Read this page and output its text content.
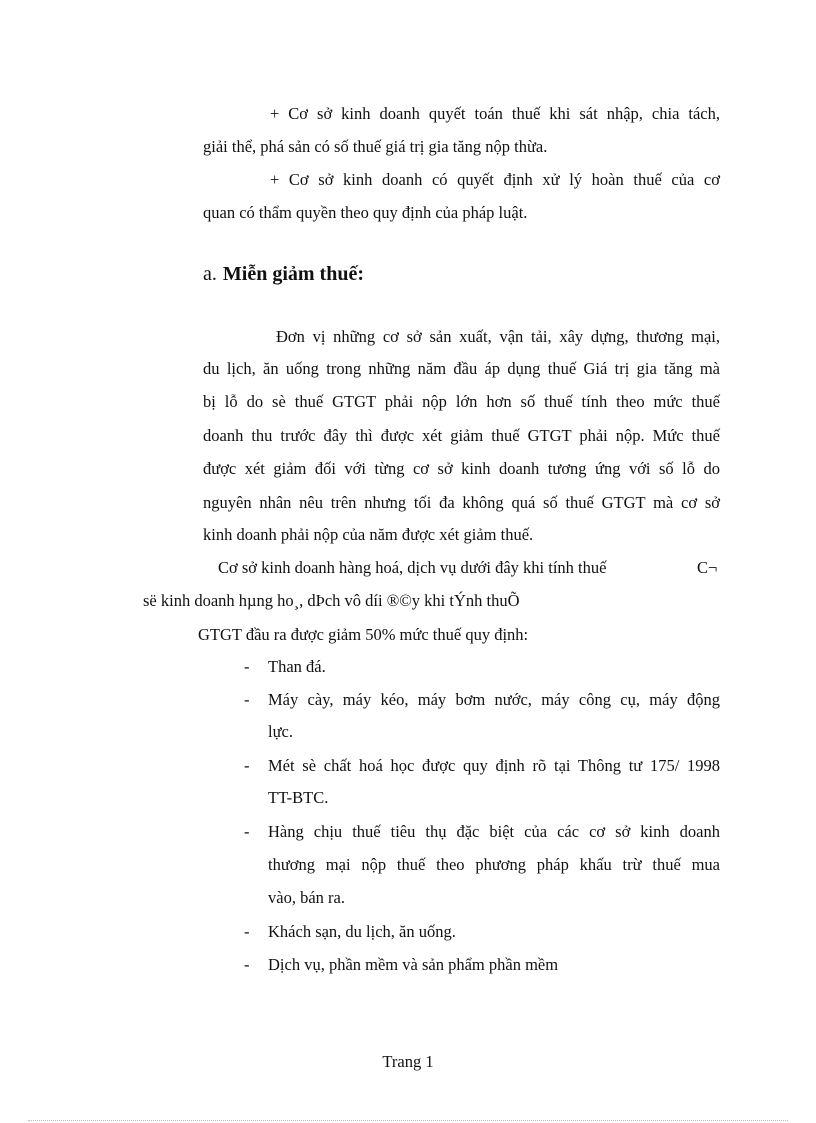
+ Cơ sở kinh doanh quyết toán thuế khi sát nhập, chia tách,
giải thể, phá sản có số thuế giá trị gia tăng nộp thừa.
+ Cơ sở kinh doanh có quyết định xử lý hoàn thuế của cơ
quan có thẩm quyền theo quy định của pháp luật.
a. Miễn giảm thuế:
Đơn vị những cơ sở sản xuất, vận tải, xây dựng, thương mại,
du lịch, ăn uống trong những năm đầu áp dụng thuế Giá trị gia tăng mà
bị lỗ do sè thuế GTGT phải nộp lớn hơn số thuế tính theo mức thuế
doanh thu trước đây thì được xét giảm thuế GTGT phải nộp. Mức thuế
được xét giảm đối với từng cơ sở kinh doanh tương ứng với số lỗ do
nguyên nhân nêu trên nhưng tối đa không quá số thuế GTGT mà cơ sở
kinh doanh phải nộp của năm được xét giảm thuế.
Cơ sở kinh doanh hàng hoá, dịch vụ dưới đây khi tính thuế	C¬
së kinh doanh hµng ho¸, dÞch vô díi ®©y khi tÝnh thuÕ
GTGT đầu ra được giảm 50% mức thuế quy định:
- Than đá.
- Máy cày, máy kéo, máy bơm nước, máy công cụ, máy động
lực.
- Mét sè chất hoá học được quy định rõ tại Thông tư 175/ 1998
TT-BTC.
- Hàng chịu thuế tiêu thụ đặc biệt của các cơ sở kinh doanh
thương mại nộp thuế theo phương pháp khấu trừ thuế mua
vào, bán ra.
- Khách sạn, du lịch, ăn uống.
- Dịch vụ, phần mềm và sản phẩm phần mềm
Trang 1
